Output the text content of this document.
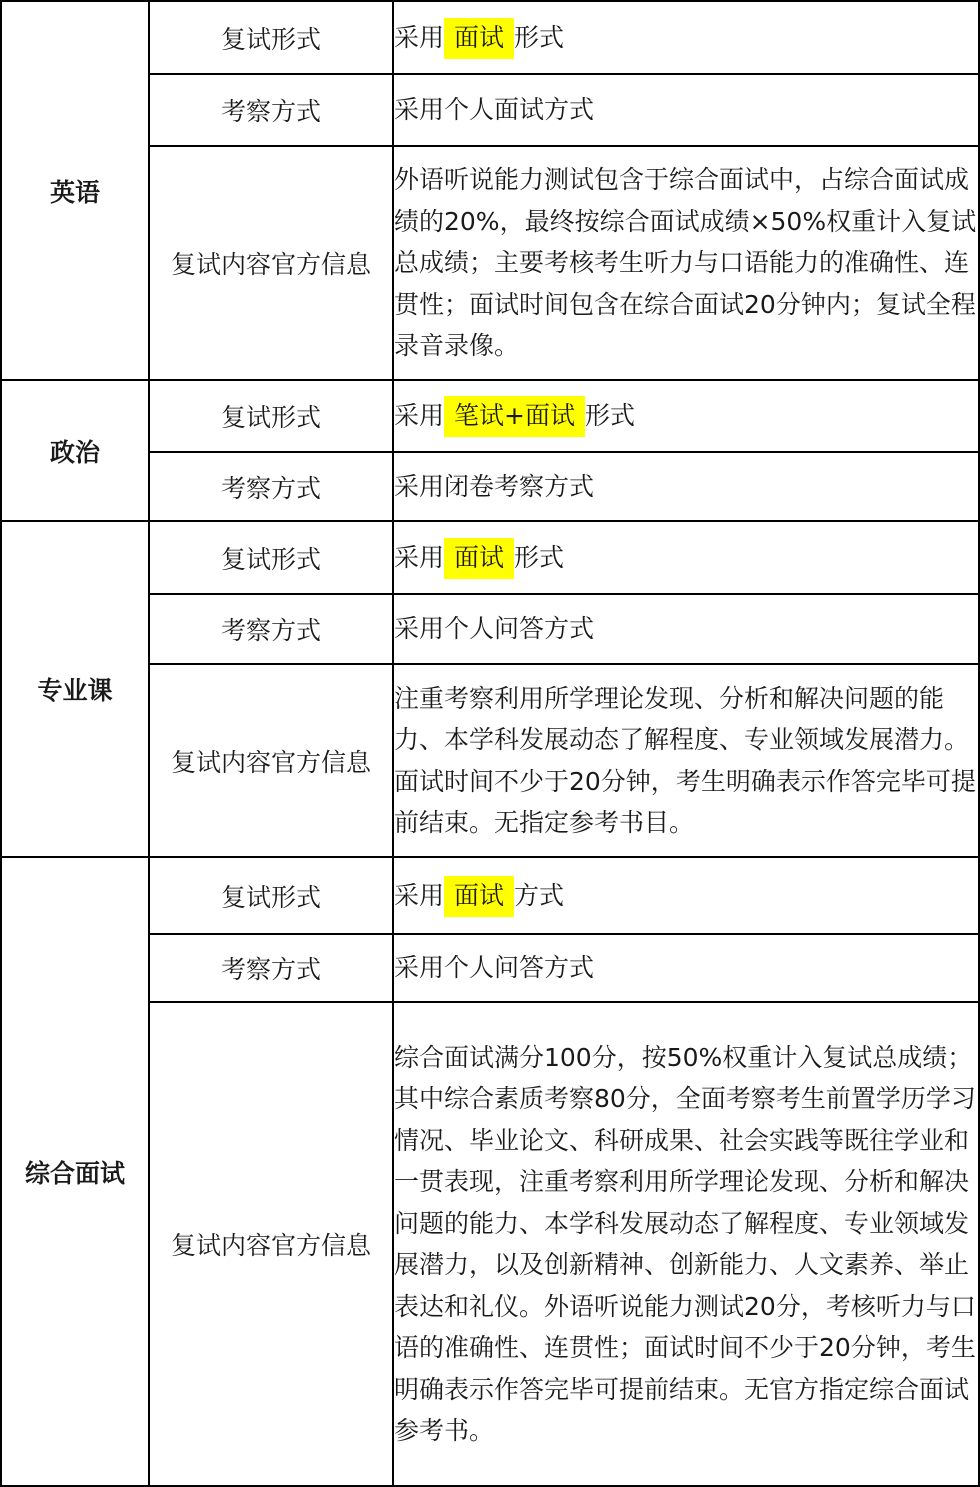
英语	复试形式	采用 面试 形式
	考察方式	采用个人面试方式
	复试内容官方信息	外语听说能力测试包含于综合面试中，占综合面试成绩的20%，最终按综合面试成绩×50%权重计入复试总成绩；主要考核考生听力与口语能力的准确性、连贯性；面试时间包含在综合面试20分钟内；复试全程录音录像。
政治	复试形式	采用 笔试+面试 形式
	考察方式	采用闭卷考察方式
专业课	复试形式	采用 面试 形式
	考察方式	采用个人问答方式
	复试内容官方信息	注重考察利用所学理论发现、分析和解决问题的能力、本学科发展动态了解程度、专业领域发展潜力。面试时间不少于20分钟，考生明确表示作答完毕可提前结束。无指定参考书目。
综合面试	复试形式	采用 面试 方式
	考察方式	采用个人问答方式
	复试内容官方信息	综合面试满分100分，按50%权重计入复试总成绩；其中综合素质考察80分，全面考察考生前置学历学习情况、毕业论文、科研成果、社会实践等既往学业和一贯表现，注重考察利用所学理论发现、分析和解决问题的能力、本学科发展动态了解程度、专业领域发展潜力，以及创新精神、创新能力、人文素养、举止表达和礼仪。外语听说能力测试20分，考核听力与口语的准确性、连贯性；面试时间不少于20分钟，考生明确表示作答完毕可提前结束。无官方指定综合面试参考书。
